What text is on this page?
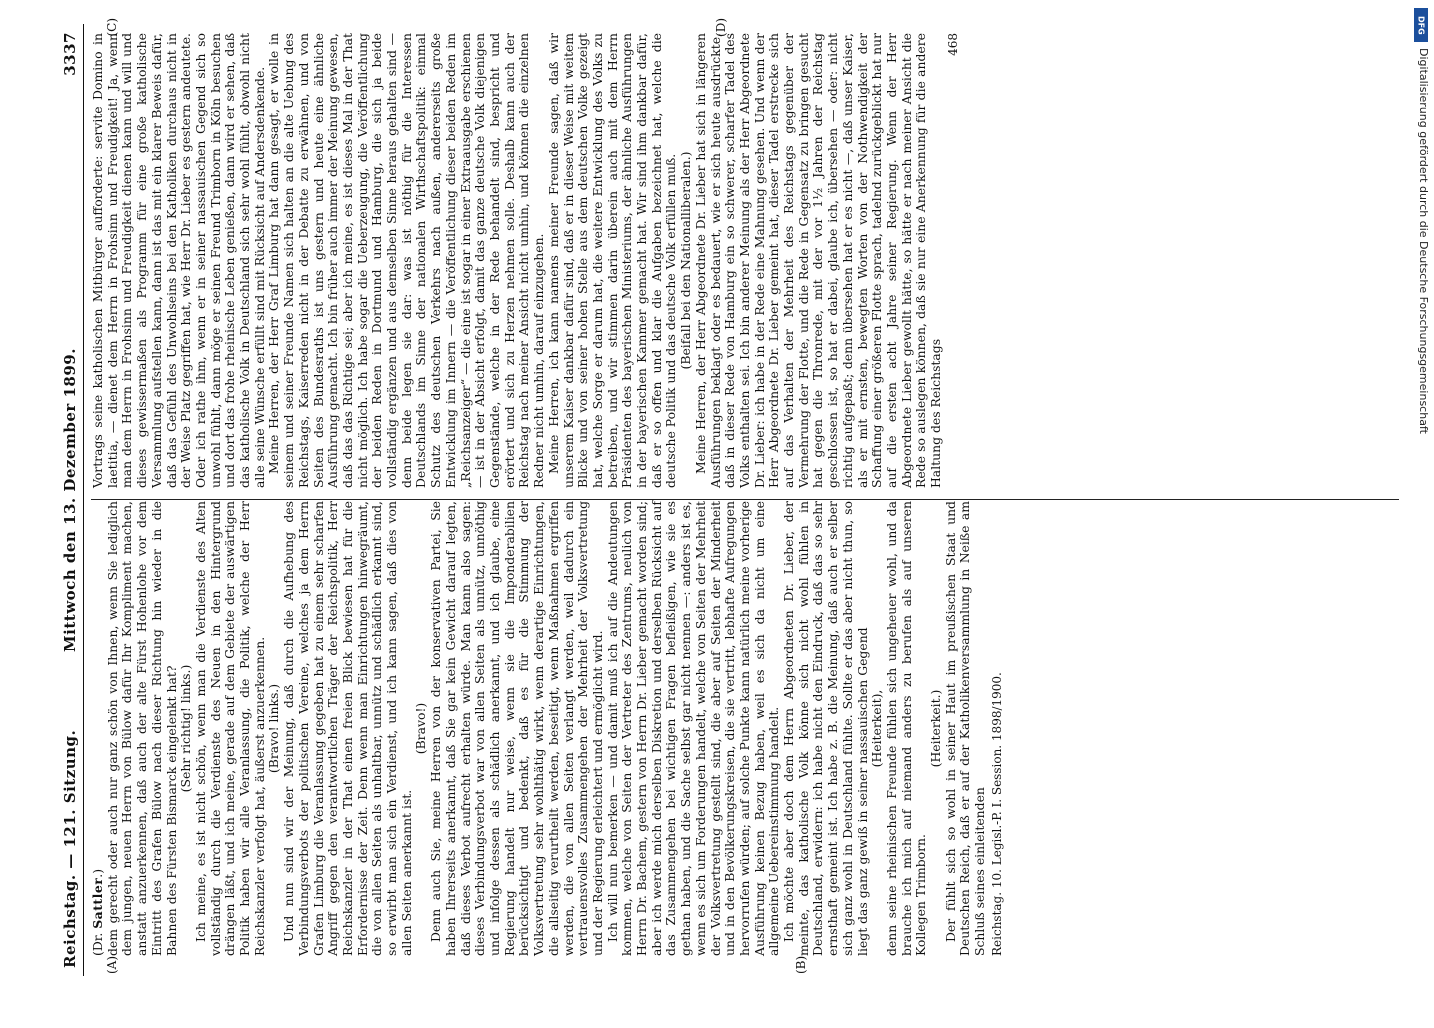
Reichstag. — 121. Sitzung.
Mittwoch den 13. Dezember 1899.
3337
(A)	(B)
(C)	(D)

(Dr. Sattler.) dem gerecht oder auch nur ganz schön von Ihnen, wenn Sie lediglich dem jungen, neuen Herrn von Bülow dafür Ihr Kompliment machen, anstatt anzuerkennen, daß auch der alte Fürst Hohenlohe vor dem Eintritt des Grafen Bülow nach dieser Richtung hin wieder in die Bahnen des Fürsten Bismarck eingelenkt hat? (Sehr richtig! links.) Ich meine, es ist nicht schön, wenn man die Verdienste des Alten vollständig durch die Verdienste des Neuen in den Hintergrund drängen läßt, und ich meine, gerade auf dem Gebiete der auswärtigen Politik haben wir alle Veranlassung, die Politik, welche der Herr Reichskanzler verfolgt hat, äußerst anzuerkennen. (Bravo! links.) Und nun sind wir der Meinung, daß durch die Aufhebung des Verbindungsverbots der politischen Vereine, welches ja dem Herrn Grafen Limburg die Veranlassung gegeben hat zu einem sehr scharfen Angriff gegen den verantwortlichen Träger der Reichspolitik, Herr Reichskanzler in der That einen freien Blick bewiesen hat für die Erfordernisse der Zeit. Denn wenn man Einrichtungen hinwegräumt, die von allen Seiten als unhaltbar, unnütz und schädlich erkannt sind, so erwirbt man sich ein Verdienst, und ich kann sagen, daß dies von allen Seiten anerkannt ist.

(Bravo!) Denn auch Sie, meine Herren von der konservativen Partei, Sie haben Ihrerseits anerkannt, daß Sie gar kein Gewicht darauf legten, daß dieses Verbot aufrecht erhalten würde. Man kann also sagen: dieses Verbindungsverbot war von allen Seiten als unnütz, unnöthig und infolge dessen als schädlich anerkannt, und ich glaube, eine Regierung handelt nur weise, wenn sie die Imponderabilien berücksichtigt und bedenkt, daß es für die Stimmung der Volksvertretung sehr wohlthätig wirkt, wenn derartige Einrichtungen, die allseitig verurtheilt werden, beseitigt, wenn Maßnahmen ergriffen werden, die von allen Seiten verlangt werden, weil dadurch ein vertrauensvolles Zusammengehen der Mehrheit der Volksvertretung und der Regierung erleichtert und ermöglicht wird. Ich will nun bemerken — und damit muß ich auf die Andeutungen kommen, welche von Seiten der Vertreter des Zentrums, neulich von Herrn Dr. Bachem, gestern von Herrn Dr. Lieber gemacht worden sind; aber ich werde mich derselben Diskretion und derselben Rücksicht auf das Zusammengehen bei wichtigen Fragen befleißigen, wie sie es gethan haben, und die Sache selbst gar nicht nennen —: anders ist es, wenn es sich um Forderungen handelt, welche von Seiten der Mehrheit der Volksvertretung gestellt sind, die aber auf Seiten der Minderheit und in den Bevölkerungskreisen, die sie vertritt, lebhafte Aufregungen hervorrufen würden; auf solche Punkte kann natürlich meine vorherige Ausführung keinen Bezug haben, weil es sich da nicht um eine allgemeine Uebereinstimmung handelt. Ich möchte aber doch dem Herrn Abgeordneten Dr. Lieber, der meinte, das katholische Volk könne sich nicht wohl fühlen in Deutschland, erwidern: ich habe nicht den Eindruck, daß das so sehr ernsthaft gemeint ist. Ich habe z. B. die Meinung, daß auch er selber sich ganz wohl in Deutschland fühlte. Sollte er das aber nicht thun, so liegt das ganz gewiß in seiner nassauischen Gegend (Heiterkeit), denn seine rheinischen Freunde fühlen sich ungeheuer wohl, und da brauche ich mich auf niemand anders zu berufen als auf unseren Kollegen Trimborn.

(Heiterkeit.) Der fühlt sich so wohl in seiner Haut im preußischen Staat und Deutschen Reich, daß er auf der Katholikenversammlung in Neiße am Schluß seines einleitenden Reichstag. 10. Legisl.-P. I. Session. 1898/1900.

Vortrags seine katholischen Mitbürger aufforderte: servite Domino in laetitia, — dienet dem Herrn in Frohsinn und Freudigkeit! Ja, wenn man dem Herrn in Frohsinn und Freudigkeit dienen kann und will und dieses gewissermaßen als Programm für eine große katholische Versammlung aufstellen kann, dann ist das mit ein klarer Beweis dafür, daß das Gefühl des Unwohlseins bei den Katholiken durchaus nicht in der Weise Platz gegriffen hat, wie Herr Dr. Lieber es gestern andeutete. Oder ich rathe ihm, wenn er in seiner nassauischen Gegend sich so unwohl fühlt, dann möge er seinen Freund Trimborn in Köln besuchen und dort das frohe rheinische Leben genießen, dann wird er sehen, daß das katholische Volk in Deutschland sich sehr wohl fühlt, obwohl nicht alle seine Wünsche erfüllt sind mit Rücksicht auf Andersdenkende. Meine Herren, der Herr Graf Limburg hat dann gesagt, er wolle in seinem und seiner Freunde Namen sich halten an die alte Uebung des Reichstags, Kaiserreden nicht in der Debatte zu erwähnen, und von Seiten des Bundesraths ist uns gestern und heute eine ähnliche Ausführung gemacht. Ich bin früher auch immer der Meinung gewesen, daß das das Richtige sei; aber ich meine, es ist dieses Mal in der That nicht möglich. Ich habe sogar die Ueberzeugung, die Veröffentlichung der beiden Reden in Dortmund und Hamburg, die sich ja beide vollständig ergänzen und aus demselben Sinne heraus gehalten sind — denn beide legen sie dar: was ist nöthig für die Interessen Deutschlands im Sinne der nationalen Wirthschaftspolitik: einmal Schutz des deutschen Verkehrs nach außen, andererseits große Entwicklung im Innern — die Veröffentlichung dieser beiden Reden im „Reichsanzeiger“ — die eine ist sogar in einer Extraausgabe erschienen — ist in der Absicht erfolgt, damit das ganze deutsche Volk diejenigen Gegenstände, welche in der Rede behandelt sind, bespricht und erörtert und sich zu Herzen nehmen solle. Deshalb kann auch der Reichstag nach meiner Ansicht nicht umhin, und können die einzelnen Redner nicht umhin, darauf einzugehen. Meine Herren, ich kann namens meiner Freunde sagen, daß wir unserem Kaiser dankbar dafür sind, daß er in dieser Weise mit weitem Blicke und von seiner hohen Stelle aus dem deutschen Volke gezeigt hat, welche Sorge er darum hat, die weitere Entwicklung des Volks zu betreiben, und wir stimmen darin überein auch mit dem Herrn Präsidenten des bayerischen Ministeriums, der ähnliche Ausführungen in der bayerischen Kammer gemacht hat. Wir sind ihm dankbar dafür, daß er so offen und klar die Aufgaben bezeichnet hat, welche die deutsche Politik und das deutsche Volk erfüllen muß. (Beifall bei den Nationalliberalen.) Meine Herren, der Herr Abgeordnete Dr. Lieber hat sich in längeren Ausführungen beklagt oder es bedauert, wie er sich heute ausdrückte, daß in dieser Rede von Hamburg ein so schwerer, scharfer Tadel des Volks enthalten sei. Ich bin anderer Meinung als der Herr Abgeordnete Dr. Lieber: ich habe in der Rede eine Mahnung gesehen. Und wenn der Herr Abgeordnete Dr. Lieber gemeint hat, dieser Tadel erstrecke sich auf das Verhalten der Mehrheit des Reichstags gegenüber der Vermehrung der Flotte, und die Rede in Gegensatz zu bringen gesucht hat gegen die Thronrede, mit der vor 1½ Jahren der Reichstag geschlossen ist, so hat er dabei, glaube ich, übersehen — oder: nicht richtig aufgepaßt; denn übersehen hat er es nicht —, daß unser Kaiser, als er mit ernsten, bewegten Worten von der Nothwendigkeit der Schaffung einer größeren Flotte sprach, tadelnd zurückgeblickt hat nur auf die ersten acht Jahre seiner Regierung. Wenn der Herr Abgeordnete Lieber gewollt hätte, so hätte er nach meiner Ansicht die Rede so auslegen können, daß sie nur eine Anerkennung für die andere Haltung des Reichstags

468

DFG
Digitalisierung gefördert durch die Deutsche Forschungsgemeinschaft
